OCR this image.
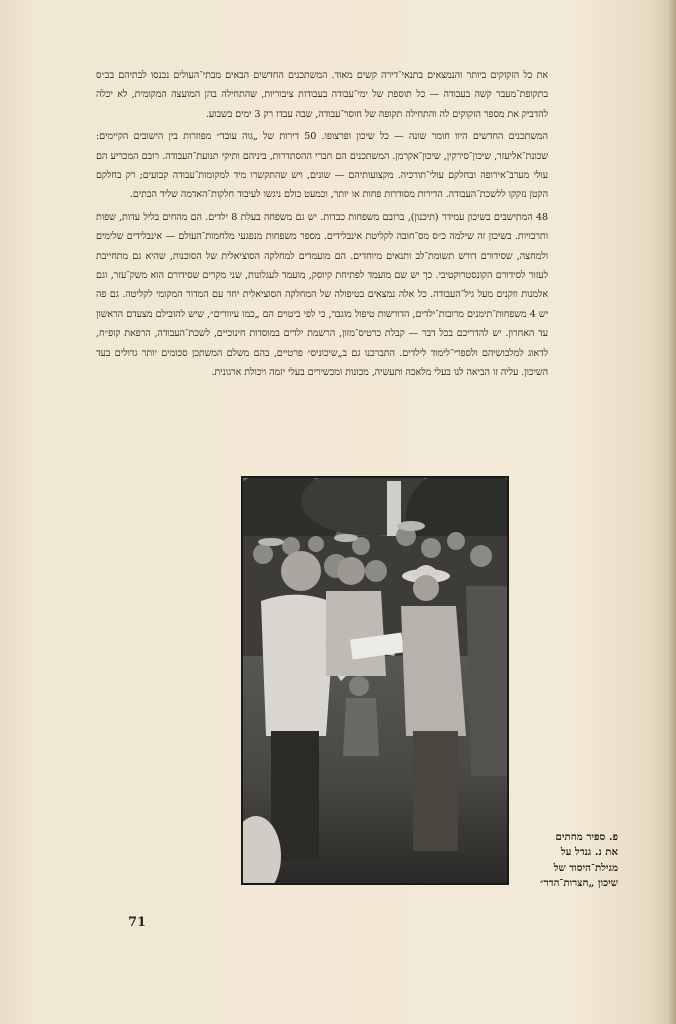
את כל הזקוקים ביותר והנמצאים בתנאי־דירה קשים מאוד. המשתכנים החדשים הבאים מבתי־העולים נכנסו לבתיהם בכ״ס בתקופת־מעבר קשה בעבודה — כל תוספת של ימי־עבודה בעבודות ציבוריות, שהתחילה בהן המועצה המקומית, לא יכלה להדביק את מספר הזקוקים לה והתחילה תקופה של חוסר־עבודה, שבה עבדו רק 3 ימים בשבוע.

המשתכנים החדשים היוו חומר שונה — כל שיכון ופרצופו. 50 דירות של „גוה עובד״ מפוזרות בין הישובים הקיימים: שכונת־אליעזר, שיכון־סירקין, שיכון־אקרמן. המשתכנים הם חברי ההסתדרות, ביניהם ותיקי תנועת־העבודה. רובם המכריע הם עולי מערב־אירופה ובחלקם עולי־תורכיה. מקצועותיהם — שונים, ויש שהתקשרו מיד למקומות־עבודה קבועים; רק בחלקם הקטן נזקקו ללשכת־העבודה. הדירות מסודרות פחות או יותר, וכמעט כולם ניגשו לעיבוד חלקות־האדמה שליד הבתים.

48 המתישבים בשיכון עמידר (תיכנון), ברובם משפחות כבדות. יש גם משפחה בעלת 8 ילדים. הם מהחים בליל עדות, שפות ותרבויות. בשיכון זה שילמה כ״ס מס־חובה לקליטת אינבלידים. מספר משפחות מנפגעי מלחמות־העולם — אינבלידים שלימים ולמחצה, שסידורם דורש תשומת־לב ותנאים מיוחדים. הם מועמדים למחלקה הסוציאלית של הסוכנות, שהיא גם מתחייבת לעזור לסידורם הקונסטרוקטיבי. כך יש שם מועמד לפתיחת קיוסק, מועמד לעגלונות, שני מקרים שסידורם הוא משק־עזר, וגם אלמנות וזקנים מעל גיל־העבודה. כל אלה נמצאים בטיפולה של המחלקה הסוציאלית יחד עם המדור המקומי לקליטה. גם פה יש 4 משפחות־תימנים מרובות־ילדים, הדורשות טיפול מוגבר, כי לפי ביטוים הם „כמו עיוורים״, שיש להובילם מצעדם הראשון עד האחרון. יש להדריכם בכל דבר — קבלת כרטיס־מזון, הרשמת ילדים במוסדות חינוכיים, לשכת־העבודה, הרפאת קופ״ח, לדאוג למלבושיהם ולספרי־לימוד לילדים. התברכנו גם ב„שיכוניס״ פרטיים, בהם משלם המשתכן סכומים יותר גדולים בעד השיכון. עליה זו הביאה לנו בעלי מלאכה ותעשיה, מכונות ומכשירים בעלי יזמה ויכולת ארגונית.

פ. ספיר מחתים
את נ. גנדל על
מגילת־היסוד של
שיכון „חצרות־הדר״
71
